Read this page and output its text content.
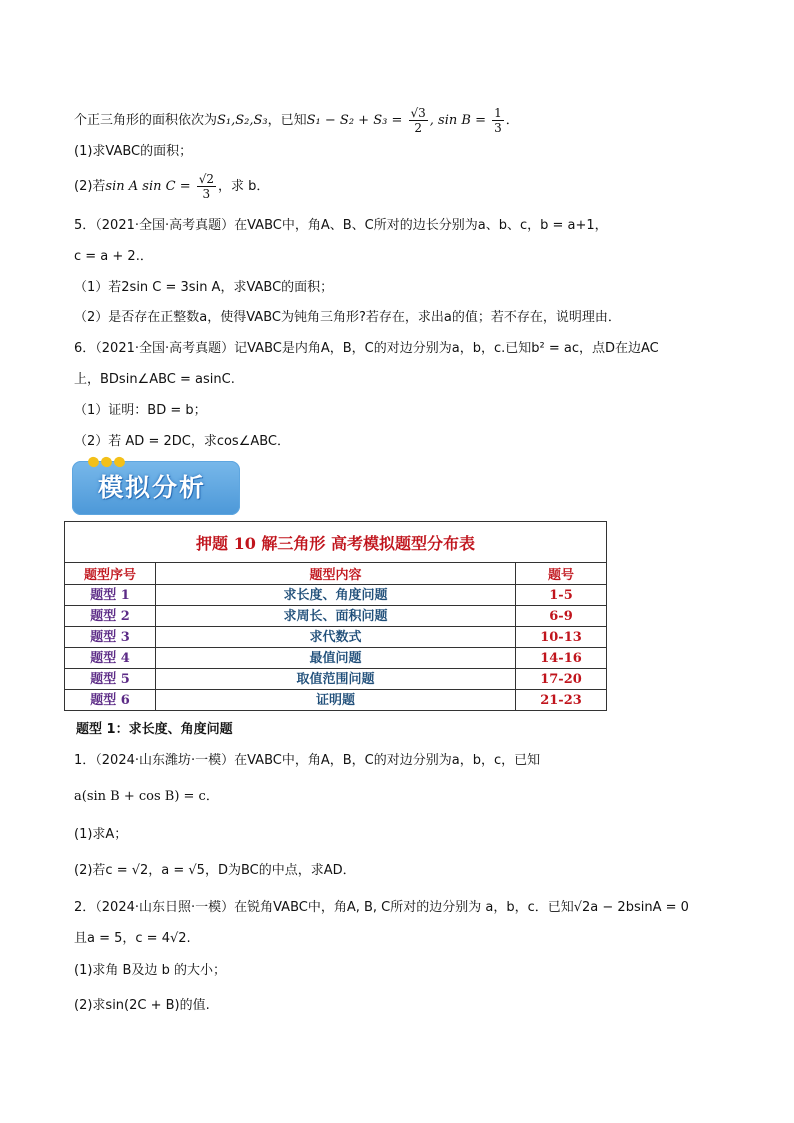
个正三角形的面积依次为S₁,S₂,S₃，已知$S_1 - S_2 + S_3 = \frac{√3}{2}$ , $\sin B = \frac{1}{3}$ ．
(1)求VABC的面积；
(2)若sin A $\sin C = \frac{√2}{3}$ ，求 b．
5．（2021·全国·高考真题）在VABC中，角A、B、C所对的边长分别为a、b、c，b = a+1，
c = a + 2.．
（1）若2sin C = 3sin A，求VABC的面积；
（2）是否存在正整数a，使得VABC为钝角三角形?若存在，求出a的值；若不存在，说明理由．
6．（2021·全国·高考真题）记VABC是内角A，B，C的对边分别为a，b，c.已知b² = ac，点D在边AC
上，BDsin∠ABC = asinC.
（1）证明：BD = b；
（2）若 AD = 2DC，求cos∠ABC．
模拟分析
押题 10 解三角形 高考模拟题型分布表		
题型序号	题型内容	题号
题型 1	求长度、角度问题	1-5
题型 2	求周长、面积问题	6-9
题型 3	求代数式	10-13
题型 4	最值问题	14-16
题型 5	取值范围问题	17-20
题型 6	证明题	21-23
题型 1：求长度、角度问题
1．（2024·山东潍坊·一模）在VABC中，角A，B，C的对边分别为a，b，c，已知
a(sin B + cos B) = c．
(1)求A；
(2)若c = √2，a = √5，D为BC的中点，求AD．
2．（2024·山东日照·一模）在锐角VABC中，角A, B, C所对的边分别为 a，b，c．已知√2a − 2bsinA = 0
且a = 5，c = 4√2.
(1)求角 B及边 b 的大小；
(2)求sin(2C + B)的值.
